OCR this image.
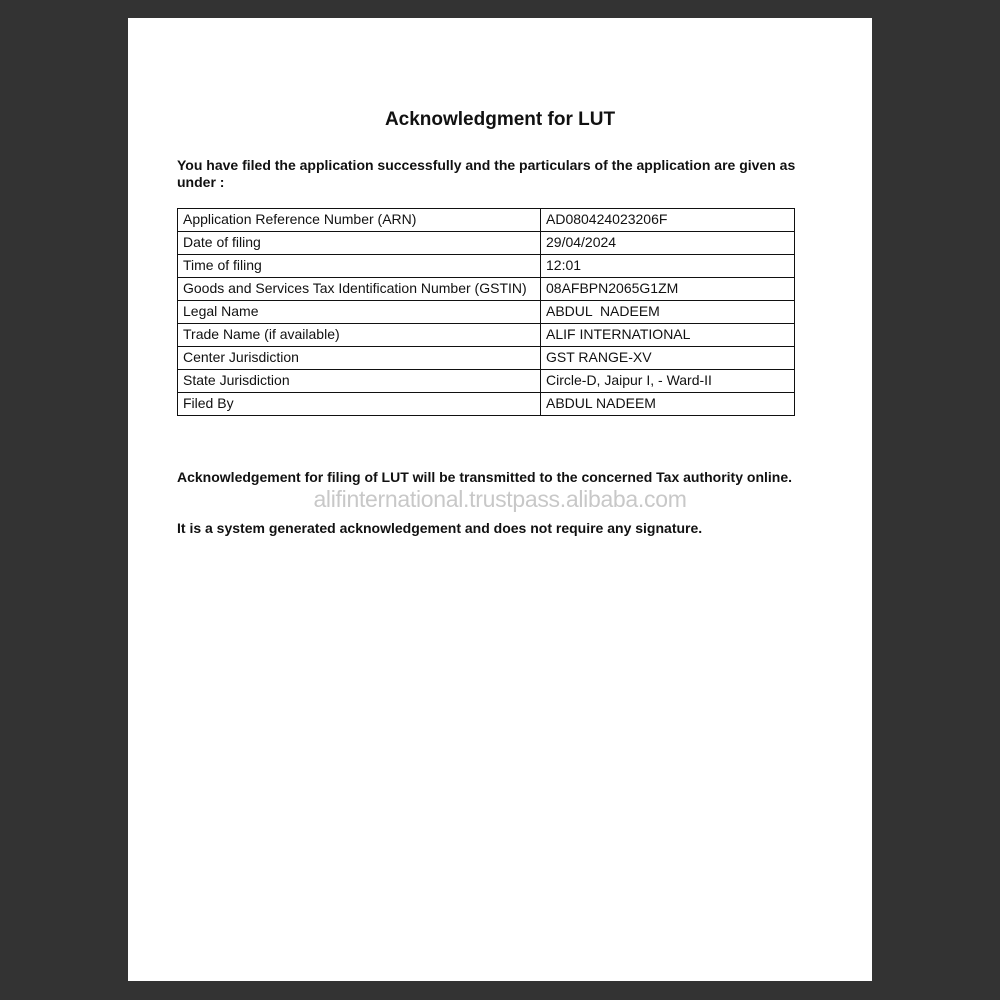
Acknowledgment for LUT
You have filed the application successfully and the particulars of the application are given as under :
Application Reference Number (ARN)	AD080424023206F
Date of filing	29/04/2024
Time of filing	12:01
Goods and Services Tax Identification Number (GSTIN)	08AFBPN2065G1ZM
Legal Name	ABDUL  NADEEM
Trade Name (if available)	ALIF INTERNATIONAL
Center Jurisdiction	GST RANGE-XV
State Jurisdiction	Circle-D, Jaipur I, - Ward-II
Filed By	ABDUL NADEEM
Acknowledgement for filing of LUT will be transmitted to the concerned Tax authority online.
alifinternational.trustpass.alibaba.com
It is a system generated acknowledgement and does not require any signature.
